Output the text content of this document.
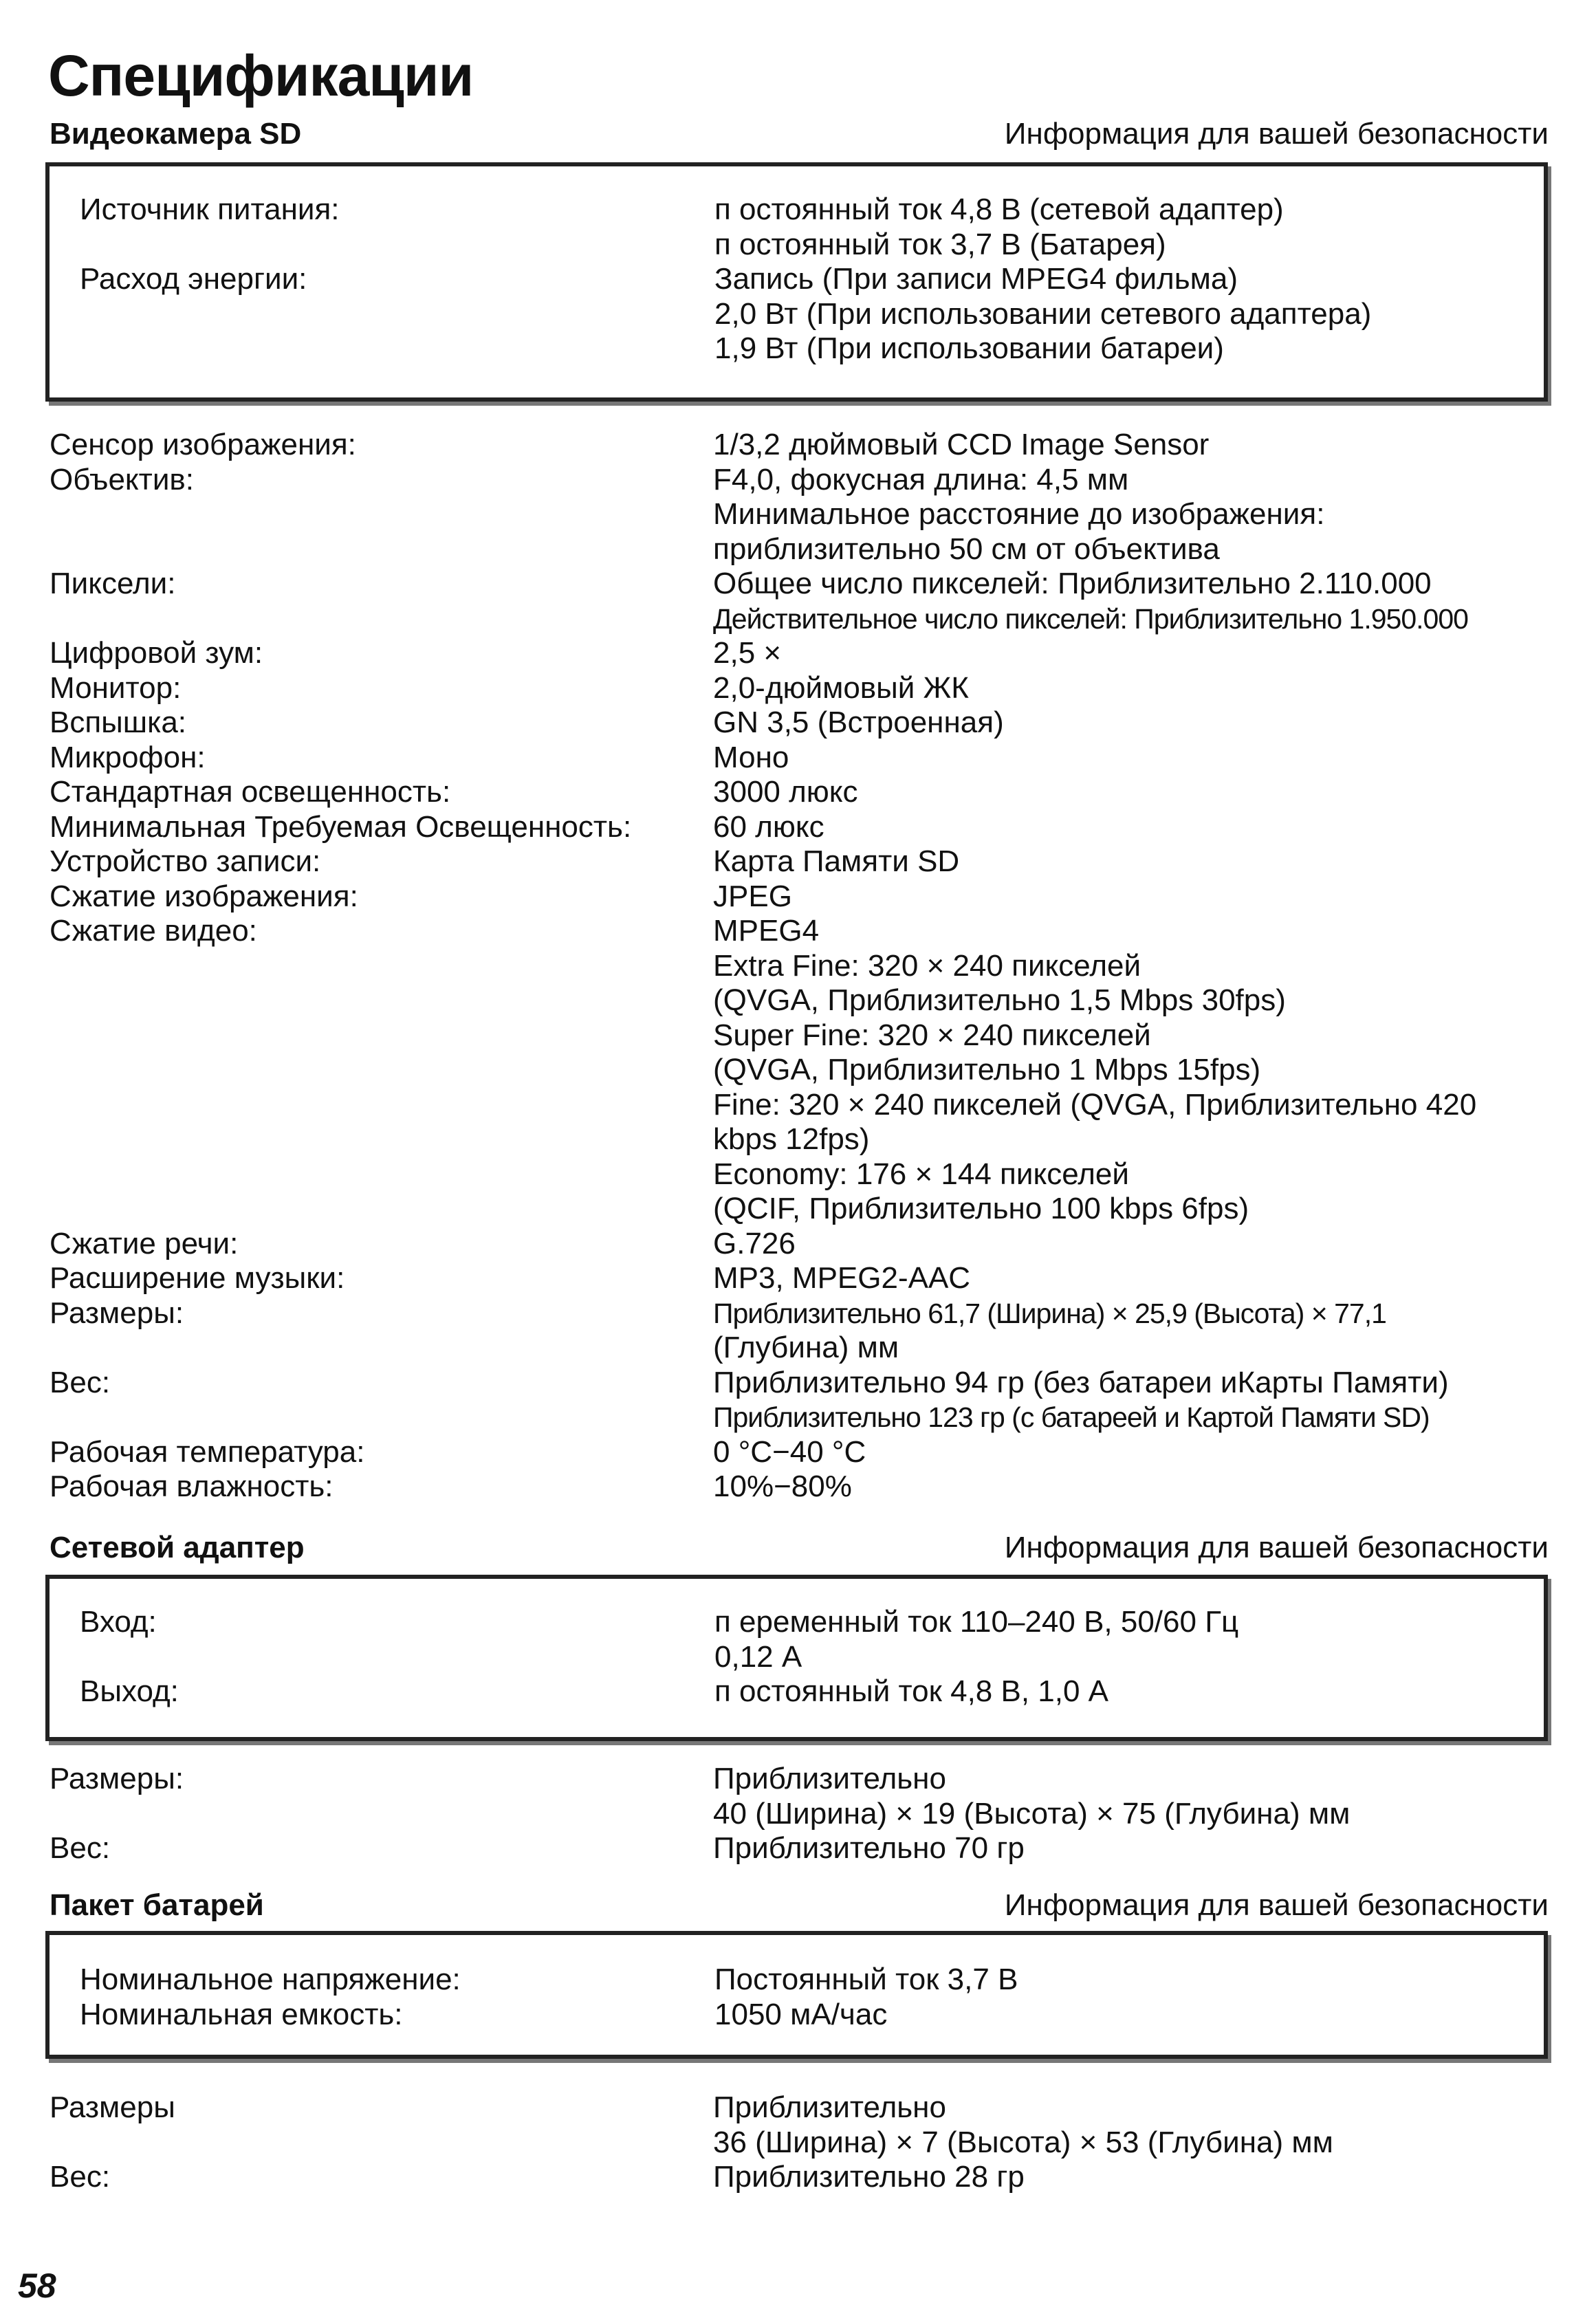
Спецификации
Видеокамера SD	Информация для вашей безопасности
Источник питания:	п остоянный ток 4,8 В (сетевой адаптер)
п остоянный ток 3,7 В (Батарея)
Расход энергии:	Запись (При записи MPEG4 фильма)
2,0 Вт (При использовании сетевого адаптера)
1,9 Вт (При использовании батареи)
Сенсор изображения:	1/3,2 дюймовый CCD Image Sensor
Объектив:	F4,0, фокусная длина: 4,5 мм
Минимальное расстояние до изображения:
приблизительно 50 см от объектива
Пиксели:	Общее число пикселей: Приблизительно 2.110.000
Действительное число пикселей: Приблизительно 1.950.000
Цифровой зум:	2,5 ×
Монитор:	2,0-дюймовый ЖК
Вспышка:	GN 3,5 (Встроенная)
Микрофон:	Моно
Стандартная освещенность:	3000 люкс
Минимальная Требуемая Освещенность:	60 люкс
Устройство записи:	Карта Памяти SD
Сжатие изображения:	JPEG
Сжатие видео:	MPEG4
Extra Fine: 320 × 240 пикселей
(QVGA, Приблизительно 1,5 Mbps 30fps)
Super Fine: 320 × 240 пикселей
(QVGA, Приблизительно 1 Mbps 15fps)
Fine: 320 × 240 пикселей (QVGA, Приблизительно 420
kbps 12fps)
Economy: 176 × 144 пикселей
(QCIF, Приблизительно 100 kbps 6fps)
Сжатие речи:	G.726
Расширение музыки:	MP3, MPEG2-AAC
Размеры:	Приблизительно 61,7 (Ширина) × 25,9 (Высота) × 77,1
(Глубина) мм
Вес:	Приблизительно 94 гр (без батареи иКарты Памяти)
Приблизительно 123 гр (с батареей и Картой Памяти SD)
Рабочая температура:	0 °C−40 °C
Рабочая влажность:	10%−80%
Сетевой адаптер	Информация для вашей безопасности
Вход:	п еременный ток 110–240 В, 50/60 Гц
0,12 А
Выход:	п остоянный ток 4,8 В, 1,0 А
Размеры:	Приблизительно
40 (Ширина) × 19 (Высота) × 75 (Глубина) мм
Вес:	Приблизительно 70 гр
Пакет батарей	Информация для вашей безопасности
Номинальное напряжение:	Постоянный ток 3,7 В
Номинальная емкость:	1050 мА/час
Размеры	Приблизительно
36 (Ширина) × 7 (Высота) × 53 (Глубина) мм
Вес:	Приблизительно 28 гр
58
